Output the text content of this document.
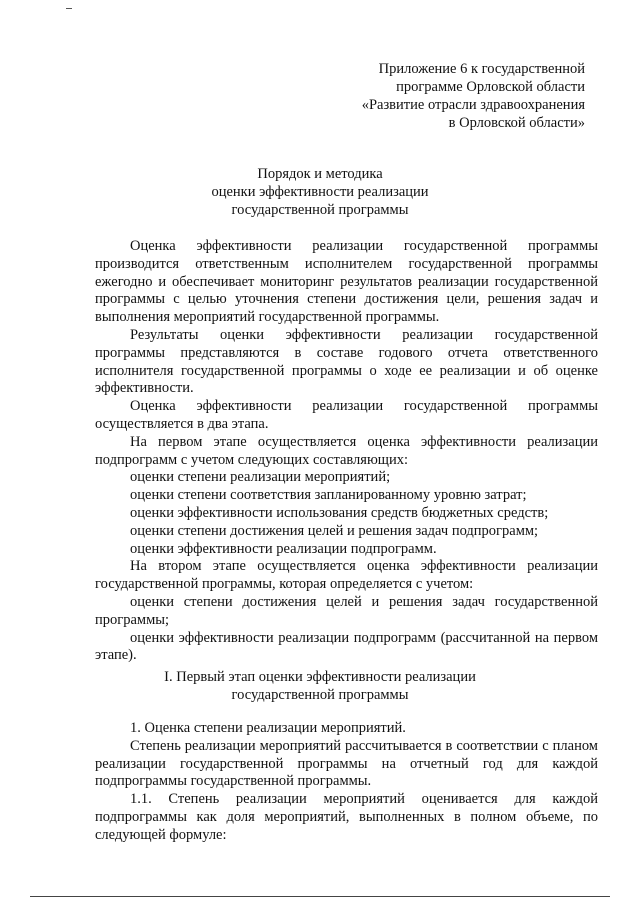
Приложение 6 к государственной
программе Орловской области
«Развитие отрасли здравоохранения
в Орловской области»
Порядок и методика
оценки эффективности реализации
государственной программы

Оценка эффективности реализации государственной программы производится ответственным исполнителем государственной программы ежегодно и обеспечивает мониторинг результатов реализации государственной программы с целью уточнения степени достижения цели, решения задач и выполнения мероприятий государственной программы.

Результаты оценки эффективности реализации государственной программы представляются в составе годового отчета ответственного исполнителя государственной программы о ходе ее реализации и об оценке эффективности.

Оценка эффективности реализации государственной программы осуществляется в два этапа.

На первом этапе осуществляется оценка эффективности реализации подпрограмм с учетом следующих составляющих:

оценки степени реализации мероприятий;

оценки степени соответствия запланированному уровню затрат;

оценки эффективности использования средств бюджетных средств;

оценки степени достижения целей и решения задач подпрограмм;

оценки эффективности реализации подпрограмм.

На втором этапе осуществляется оценка эффективности реализации государственной программы, которая определяется с учетом:

оценки степени достижения целей и решения задач государственной программы;

оценки эффективности реализации подпрограмм (рассчитанной на первом этапе).

I. Первый этап оценки эффективности реализации
государственной программы

1. Оценка степени реализации мероприятий.

Степень реализации мероприятий рассчитывается в соответствии с планом реализации государственной программы на отчетный год для каждой подпрограммы государственной программы.

1.1. Степень реализации мероприятий оценивается для каждой подпрограммы как доля мероприятий, выполненных в полном объеме, по следующей формуле:
